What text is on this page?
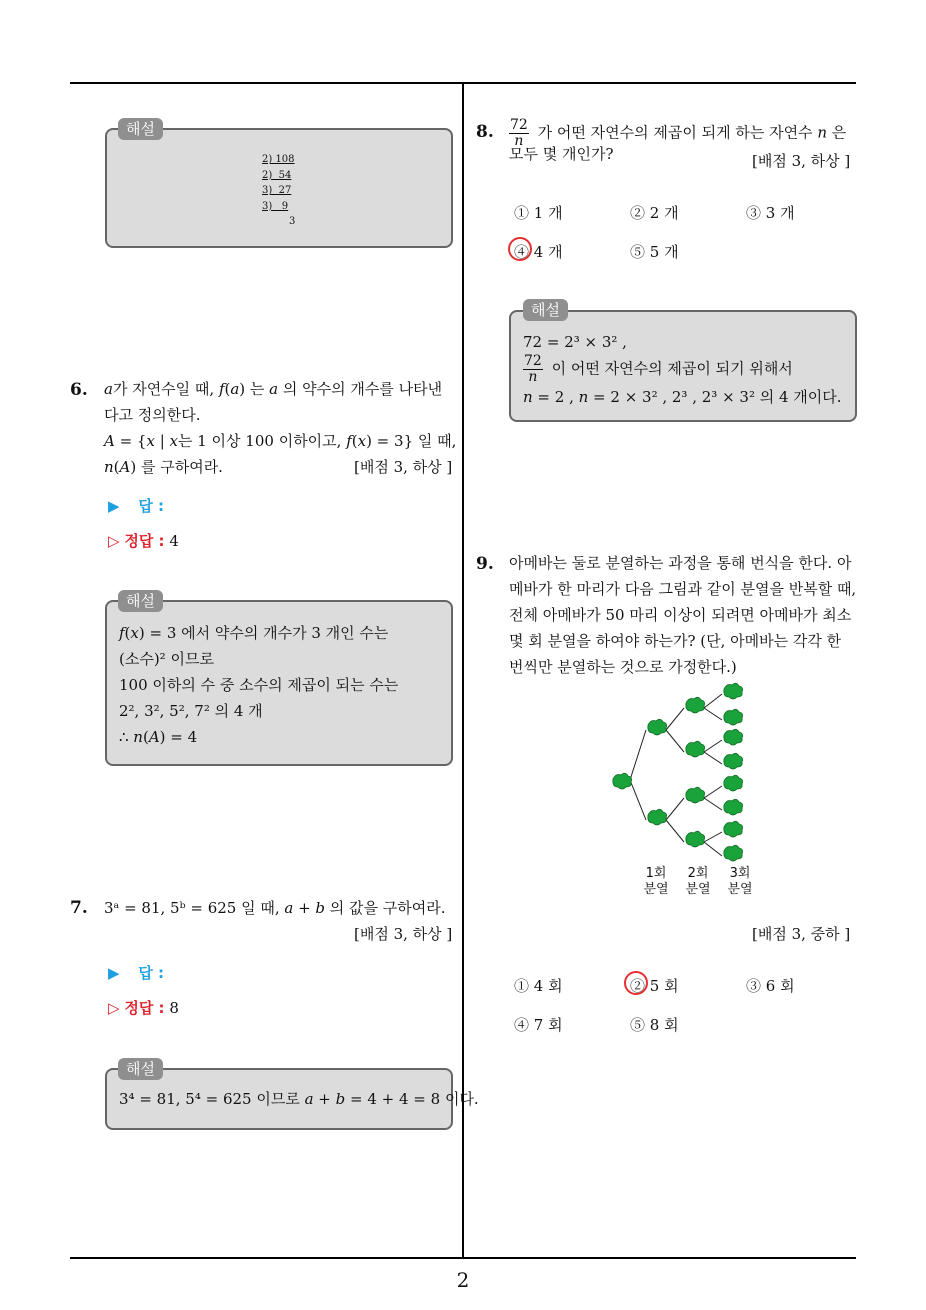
2) 108
2)  54
3)  27
3)   9
3
해설
6. 𝑎가 자연수일 때, 𝑓(𝑎) 는 𝑎 의 약수의 개수를 나타낸
다고 정의한다.
𝐴 = {𝑥 | 𝑥는 1 이상 100 이하이고, 𝑓(𝑥) = 3} 일 때,
𝑛(𝐴) 를 구하여라.	[배점 3, 하상 ]
▶ 답 :
▷ 정답 : 4
𝑓(𝑥) = 3 에서 약수의 개수가 3 개인 수는
(소수)² 이므로
100 이하의 수 중 소수의 제곱이 되는 수는
2², 3², 5², 7² 의 4 개
∴ 𝑛(𝐴) = 4
해설
7. 3ᵃ = 81, 5ᵇ = 625 일 때, 𝑎 + 𝑏 의 값을 구하여라.
[배점 3, 하상 ]
▶ 답 :
▷ 정답 : 8
3⁴ = 81, 5⁴ = 625 이므로 𝑎 + 𝑏 = 4 + 4 = 8 이다.
해설
8. $\frac{72}{n}$ 가 어떤 자연수의 제곱이 되게 하는 자연수 𝑛 은
모두 몇 개인가?	[배점 3, 하상 ]
① 1 개	② 2 개	③ 3 개
④ 4 개	⑤ 5 개
72 = 2³ × 3² ,
$\frac{72}{n}$ 이 어떤 자연수의 제곱이 되기 위해서
𝑛 = 2 , 𝑛 = 2 × 3² , 2³ , 2³ × 3² 의 4 개이다.
해설
9. 아메바는 둘로 분열하는 과정을 통해 번식을 한다. 아
메바가 한 마리가 다음 그림과 같이 분열을 반복할 때,
전체 아메바가 50 마리 이상이 되려면 아메바가 최소
몇 회 분열을 하여야 하는가? (단, 아메바는 각각 한
번씩만 분열하는 것으로 가정한다.)
1회
분열
2회
분열
3회
분열
[배점 3, 중하 ]
① 4 회	② 5 회	③ 6 회
④ 7 회	⑤ 8 회
2
